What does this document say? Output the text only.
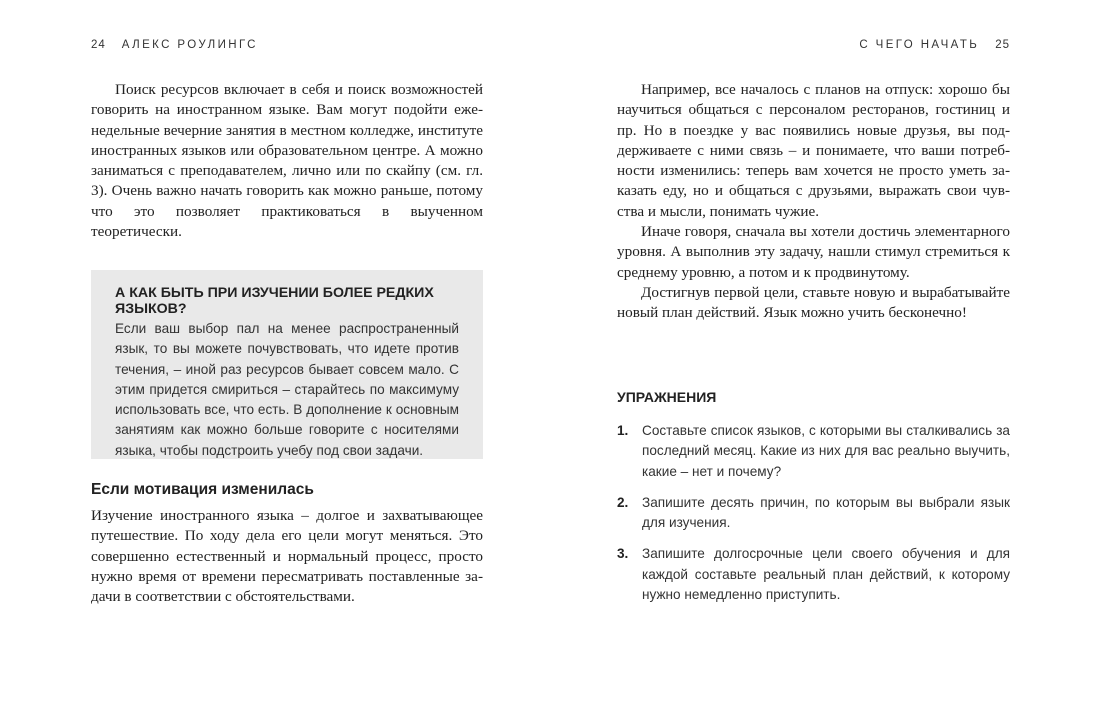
24 АЛЕКС РОУЛИНГС

Поиск ресурсов включает в себя и поиск возможностей говорить на иностранном языке. Вам могут подойти еженедельные вечерние занятия в местном колледже, институте иностранных языков или образовательном центре. А можно заниматься с преподавателем, лично или по скайпу (см. гл. 3). Очень важно начать говорить как можно раньше, потому что это позволяет практиковаться в выученном теоретически.

А КАК БЫТЬ ПРИ ИЗУЧЕНИИ БОЛЕЕ РЕДКИХ ЯЗЫКОВ?

Если ваш выбор пал на менее распространенный язык, то вы можете почувствовать, что идете против течения, – иной раз ресурсов бывает совсем мало. С этим придется смириться – старайтесь по максимуму использовать все, что есть. В дополнение к основным занятиям как можно больше говорите с носителями языка, чтобы подстроить учебу под свои задачи.

Если мотивация изменилась

Изучение иностранного языка – долгое и захватывающее путешествие. По ходу дела его цели могут меняться. Это совершенно естественный и нормальный процесс, просто нужно время от времени пересматривать поставленные задачи в соответствии с обстоятельствами.

С ЧЕГО НАЧАТЬ 25

Например, все началось с планов на отпуск: хорошо бы научиться общаться с персоналом ресторанов, гостиниц и пр. Но в поездке у вас появились новые друзья, вы поддерживаете с ними связь – и понимаете, что ваши потребности изменились: теперь вам хочется не просто уметь заказать еду, но и общаться с друзьями, выражать свои чувства и мысли, понимать чужие.

Иначе говоря, сначала вы хотели достичь элементарного уровня. А выполнив эту задачу, нашли стимул стремиться к среднему уровню, а потом и к продвинутому.

Достигнув первой цели, ставьте новую и вырабатывайте новый план действий. Язык можно учить бесконечно!

УПРАЖНЕНИЯ
1.	Составьте список языков, с которыми вы сталкивались за последний месяц. Какие из них для вас реально выучить, какие – нет и почему?
2.	Запишите десять причин, по которым вы выбрали язык для изучения.
3.	Запишите долгосрочные цели своего обучения и для каждой составьте реальный план действий, к которому нужно немедленно приступить.
